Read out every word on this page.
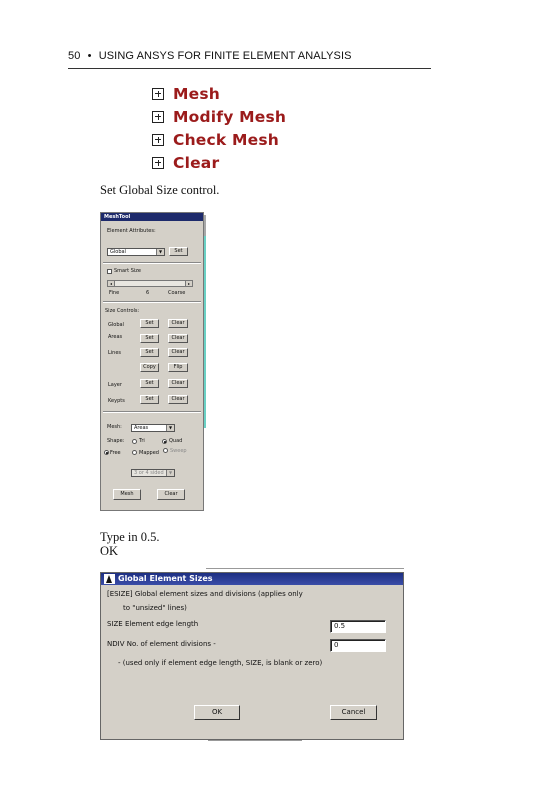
50 • USING ANSYS FOR FINITE ELEMENT ANALYSIS
Mesh
Modify Mesh
Check Mesh
Clear
Set Global Size control.
MeshTool
Element Attributes:
Global	▼	Set
Smart Size
◂	▸
Fine	6	Coarse
Size Controls:
Global	Set	Clear
Areas	Set	Clear
Lines	Set	Clear
Copy	Flip
Layer	Set	Clear
Keypts	Set	Clear
Mesh:	Areas	▼
Shape:	Tri	Quad
Free	Mapped Sweep
3 or 4 sided	▼
Mesh	Clear
Type in 0.5.
OK
Global Element Sizes
[ESIZE] Global element sizes and divisions (applies only
to "unsized" lines)
SIZE Element edge length	0.5
NDIV No. of element divisions -	0
- (used only if element edge length, SIZE, is blank or zero)
OK	Cancel
